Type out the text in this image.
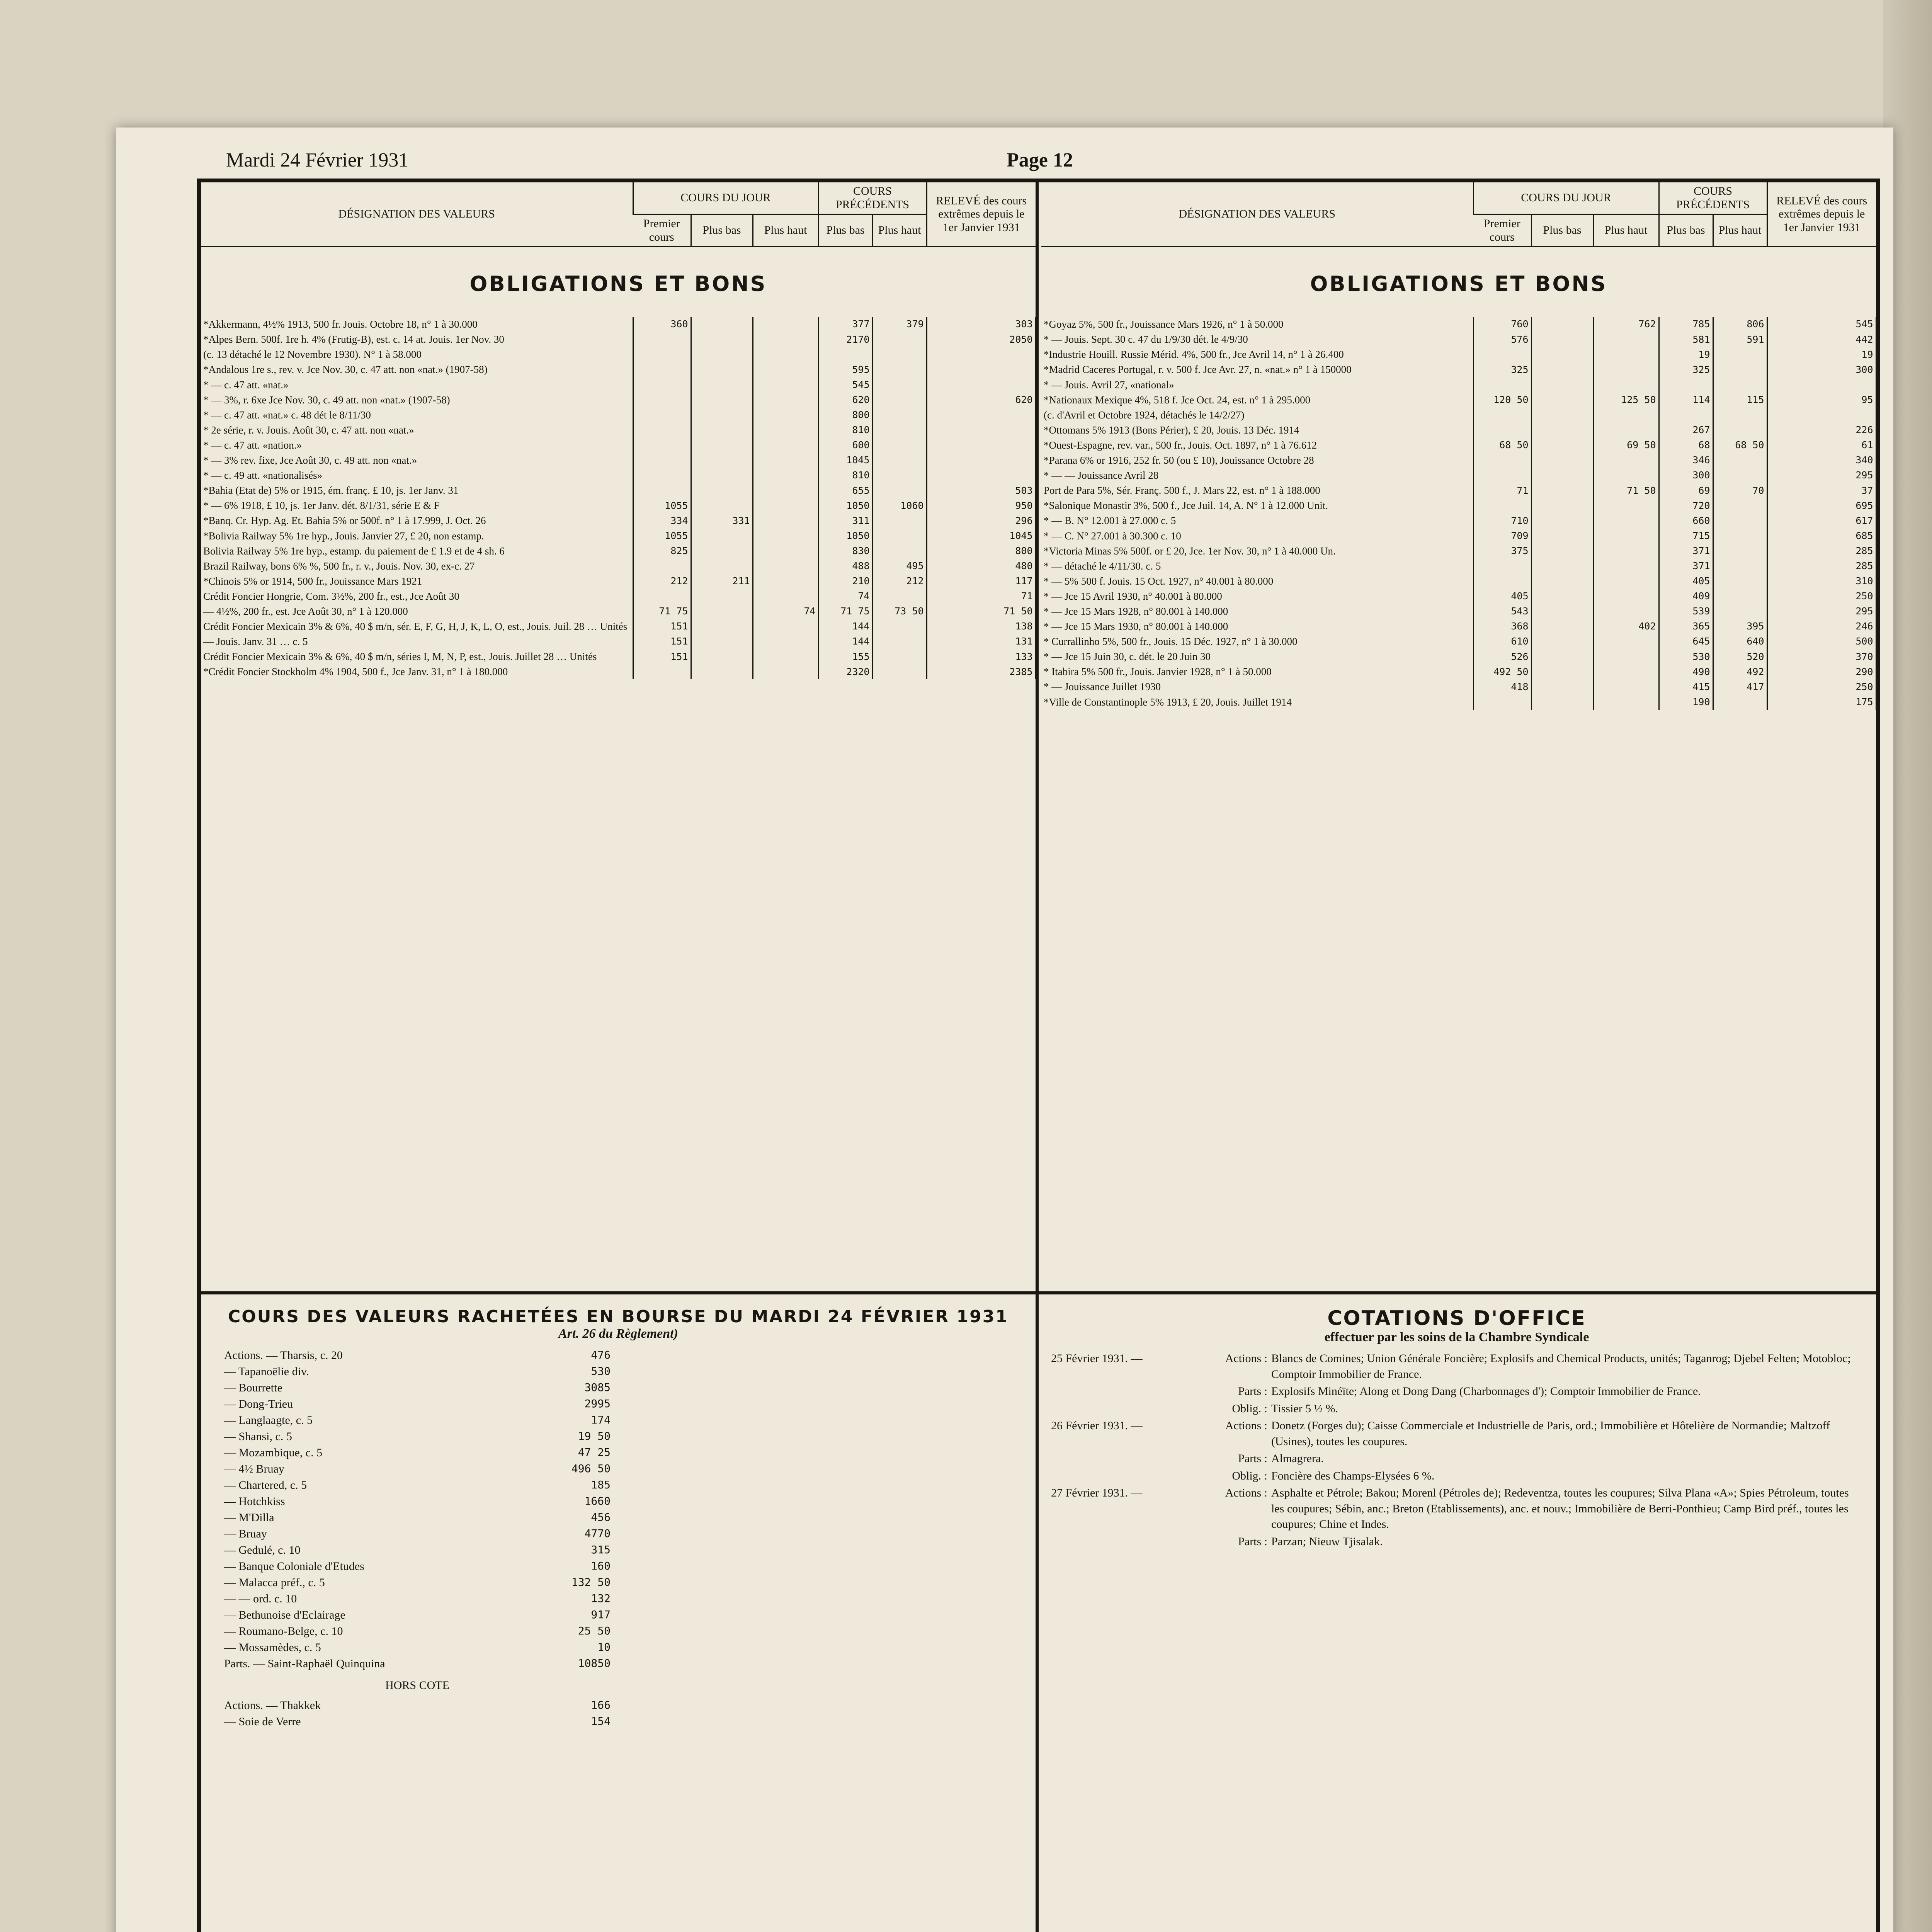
Mardi 24 Février 1931	Page 12
DÉSIGNATION DES VALEURS	COURS DU JOUR			COURS PRÉCÉDENTS		RELEVÉ des cours extrêmes depuis le 1er Janvier 1931	
	Premier cours	Plus bas	Plus haut	Plus bas	Plus haut		
OBLIGATIONS ET BONS							
*Akkermann, 4½% 1913, 500 fr. Jouis. Octobre 18, n° 1 à 30.000	360			377	379	303	
*Alpes Bern. 500f. 1re h. 4% (Frutig-B), est. c. 14 at. Jouis. 1er Nov. 30				2170		2050	
(c. 13 détaché le 12 Novembre 1930). N° 1 à 58.000							
*Andalous 1re s., rev. v. Jce Nov. 30, c. 47 att. non «nat.» (1907-58)				595			
* — c. 47 att. «nat.»				545			
* — 3%, r. 6xe Jce Nov. 30, c. 49 att. non «nat.» (1907-58)				620		620	
* — c. 47 att. «nat.» c. 48 dét le 8/11/30				800			
* 2e série, r. v. Jouis. Août 30, c. 47 att. non «nat.»				810			
* — c. 47 att. «nation.»				600			
* — 3% rev. fixe, Jce Août 30, c. 49 att. non «nat.»				1045			
* — c. 49 att. «nationalisés»				810			
*Bahia (Etat de) 5% or 1915, ém. franç. £ 10, js. 1er Janv. 31				655		503	
* — 6% 1918, £ 10, js. 1er Janv. dét. 8/1/31, série E & F	1055			1050	1060	950	
*Banq. Cr. Hyp. Ag. Et. Bahia 5% or 500f. n° 1 à 17.999, J. Oct. 26	334	331		311		296	
*Bolivia Railway 5% 1re hyp., Jouis. Janvier 27, £ 20, non estamp.	1055			1050		1045	
Bolivia Railway 5% 1re hyp., estamp. du paiement de £ 1.9 et de 4 sh. 6	825			830		800	
Brazil Railway, bons 6% %, 500 fr., r. v., Jouis. Nov. 30, ex-c. 27				488	495	480	
*Chinois 5% or 1914, 500 fr., Jouissance Mars 1921	212	211		210	212	117	
Crédit Foncier Hongrie, Com. 3½%, 200 fr., est., Jce Août 30				74		71	
— 4½%, 200 fr., est. Jce Août 30, n° 1 à 120.000	71 75		74	71 75	73 50	71 50	
Crédit Foncier Mexicain 3% & 6%, 40 $ m/n, sér. E, F, G, H, J, K, L, O, est., Jouis. Juil. 28 … Unités	151			144		138	
— Jouis. Janv. 31 … c. 5	151			144		131	
Crédit Foncier Mexicain 3% & 6%, 40 $ m/n, séries I, M, N, P, est., Jouis. Juillet 28 … Unités	151			155		133	
*Crédit Foncier Stockholm 4% 1904, 500 f., Jce Janv. 31, n° 1 à 180.000				2320		2385	
DÉSIGNATION DES VALEURS	COURS DU JOUR			COURS PRÉCÉDENTS		RELEVÉ des cours extrêmes depuis le 1er Janvier 1931	
	Premier cours	Plus bas	Plus haut	Plus bas	Plus haut		
OBLIGATIONS ET BONS							
*Goyaz 5%, 500 fr., Jouissance Mars 1926, n° 1 à 50.000	760		762	785	806	545	
* — Jouis. Sept. 30 c. 47 du 1/9/30 dét. le 4/9/30	576			581	591	442	
*Industrie Houill. Russie Mérid. 4%, 500 fr., Jce Avril 14, n° 1 à 26.400				19		19	
*Madrid Caceres Portugal, r. v. 500 f. Jce Avr. 27, n. «nat.» n° 1 à 150000	325			325		300	
* — Jouis. Avril 27, «national»							
*Nationaux Mexique 4%, 518 f. Jce Oct. 24, est. n° 1 à 295.000	120 50		125 50	114	115	95	
(c. d'Avril et Octobre 1924, détachés le 14/2/27)							
*Ottomans 5% 1913 (Bons Périer), £ 20, Jouis. 13 Déc. 1914				267		226	
*Ouest-Espagne, rev. var., 500 fr., Jouis. Oct. 1897, n° 1 à 76.612	68 50		69 50	68	68 50	61	
*Parana 6% or 1916, 252 fr. 50 (ou £ 10), Jouissance Octobre 28				346		340	
* — — Jouissance Avril 28				300		295	
Port de Para 5%, Sér. Franç. 500 f., J. Mars 22, est. n° 1 à 188.000	71		71 50	69	70	37	
*Salonique Monastir 3%, 500 f., Jce Juil. 14, A. N° 1 à 12.000 Unit.				720		695	
* — B. N° 12.001 à 27.000 c. 5	710			660		617	
* — C. N° 27.001 à 30.300 c. 10	709			715		685	
*Victoria Minas 5% 500f. or £ 20, Jce. 1er Nov. 30, n° 1 à 40.000 Un.	375			371		285	
* — détaché le 4/11/30. c. 5				371		285	
* — 5% 500 f. Jouis. 15 Oct. 1927, n° 40.001 à 80.000				405		310	
* — Jce 15 Avril 1930, n° 40.001 à 80.000	405			409		250	
* — Jce 15 Mars 1928, n° 80.001 à 140.000	543			539		295	
* — Jce 15 Mars 1930, n° 80.001 à 140.000	368		402	365	395	246	
* Currallinho 5%, 500 fr., Jouis. 15 Déc. 1927, n° 1 à 30.000	610			645	640	500	
* — Jce 15 Juin 30, c. dét. le 20 Juin 30	526			530	520	370	
* Itabira 5% 500 fr., Jouis. Janvier 1928, n° 1 à 50.000	492 50			490	492	290	
* — Jouissance Juillet 1930	418			415	417	250	
*Ville de Constantinople 5% 1913, £ 20, Jouis. Juillet 1914				190		175	
COURS DES VALEURS RACHETÉES EN BOURSE DU MARDI 24 FÉVRIER 1931
Art. 26 du Règlement)
Actions. — Tharsis, c. 20	476
— Tapanoëlie div.	530
— Bourrette	3085
— Dong-Trieu	2995
— Langlaagte, c. 5	174
— Shansi, c. 5	19 50
— Mozambique, c. 5	47 25
— 4½ Bruay	496 50
— Chartered, c. 5	185
— Hotchkiss	1660
— M'Dilla	456
— Bruay	4770
— Gedulé, c. 10	315
— Banque Coloniale d'Etudes	160
— Malacca préf., c. 5	132 50
— — ord. c. 10	132
— Bethunoise d'Eclairage	917
— Roumano-Belge, c. 10	25 50
— Mossamèdes, c. 5	10
Parts. — Saint-Raphaël Quinquina	10850
HORS COTE
Actions. — Thakkek	166
— Soie de Verre	154
COTATIONS D'OFFICE
effectuer par les soins de la Chambre Syndicale
25 Février 1931. —	Actions : Blancs de Comines; Union Générale Foncière; Explosifs and Chemical Products, unités; Taganrog; Djebel Felten; Motobloc; Comptoir Immobilier de France.
Parts : Explosifs Minéïte; Along et Dong Dang (Charbonnages d'); Comptoir Immobilier de France.
Oblig. : Tissier 5 ½ %.
26 Février 1931. —	Actions : Donetz (Forges du); Caisse Commerciale et Industrielle de Paris, ord.; Immobilière et Hôtelière de Normandie; Maltzoff (Usines), toutes les coupures.
Parts : Almagrera.
Oblig. : Foncière des Champs-Elysées 6 %.
27 Février 1931. —	Actions : Asphalte et Pétrole; Bakou; Morenl (Pétroles de); Redeventza, toutes les coupures; Silva Plana «A»; Spies Pétroleum, toutes les coupures; Sébin, anc.; Breton (Etablissements), anc. et nouv.; Immobilière de Berri-Ponthieu; Camp Bird préf., toutes les coupures; Chine et Indes.
Parts : Parzan; Nieuw Tjisalak.
